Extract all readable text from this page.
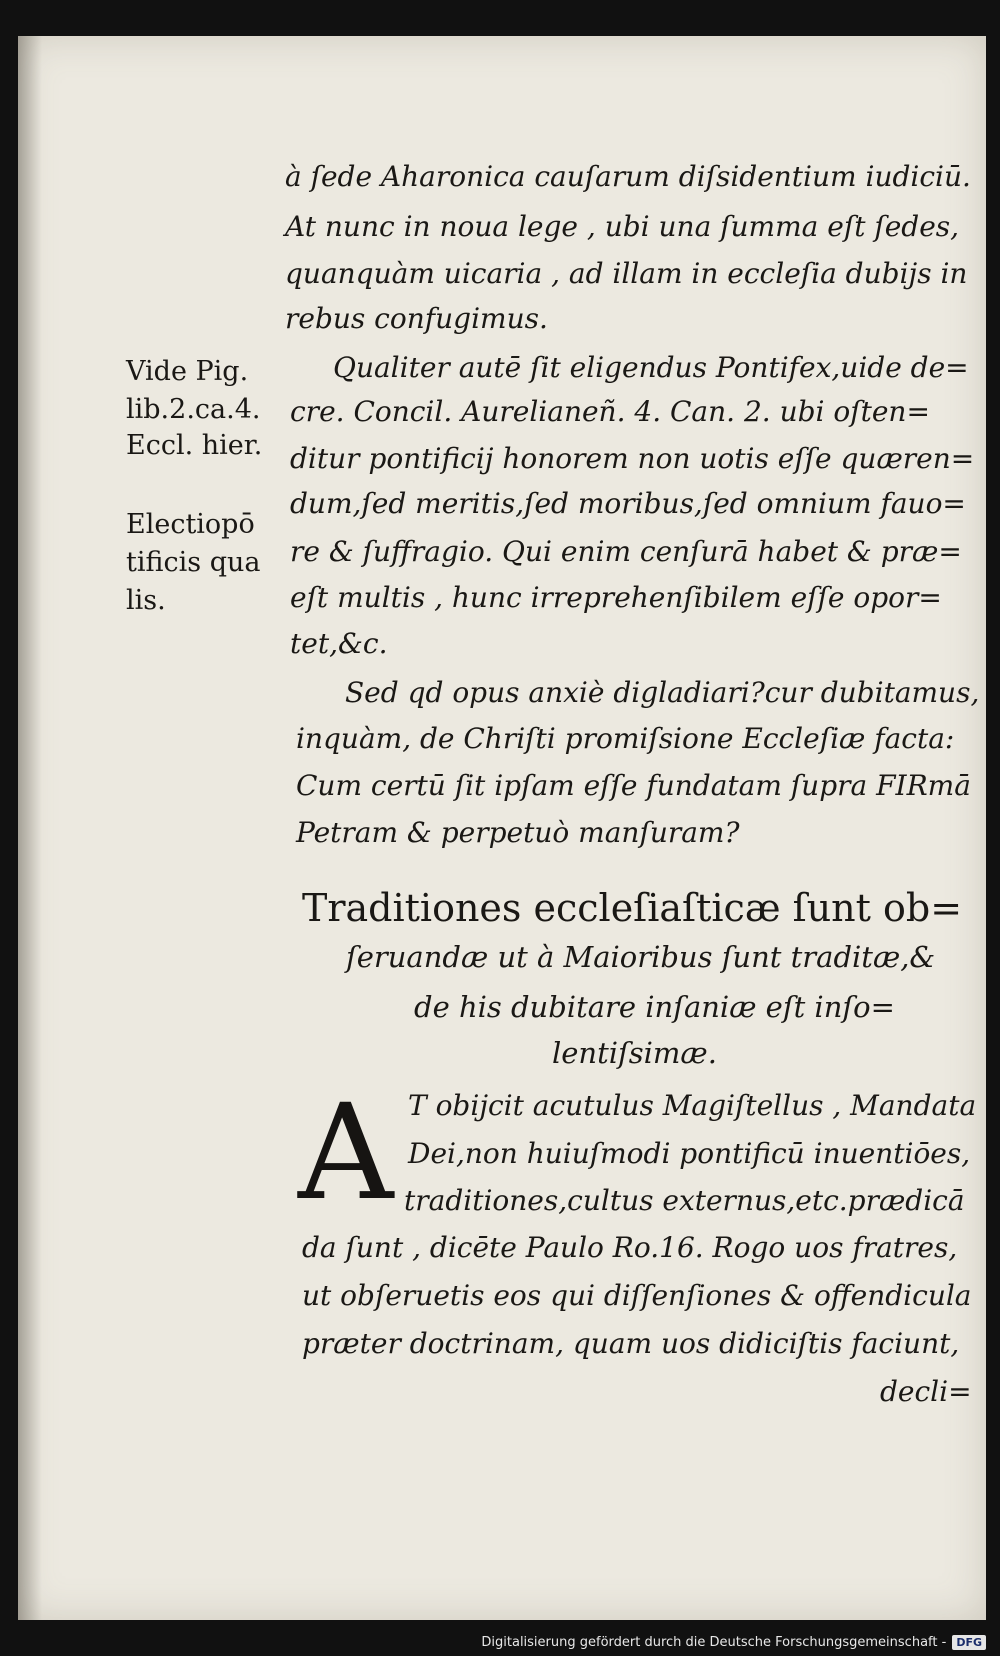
à ſede Aharonica cauſarum diſsidentium iudiciū.
At nunc in noua lege , ubi una ſumma eſt ſedes,
quanquàm uicaria , ad illam in eccleſia dubijs in
rebus confugimus.
Qualiter autē ſit eligendus Pontifex,uide de=
cre. Concil. Aurelianeñ. 4. Can. 2. ubi oſten=
ditur pontificij honorem non uotis eſſe quæren=
dum,ſed meritis,ſed moribus,ſed omnium fauo=
re & ſuffragio. Qui enim cenſurā habet & præ=
eſt multis , hunc irreprehenſibilem eſſe opor=
tet,&c.
Sed qd opus anxiè digladiari?cur dubitamus,
inquàm, de Chriſti promiſsione Eccleſiæ facta:
Cum certū ſit ipſam eſſe fundatam ſupra FIRmā
Petram & perpetuò manſuram?
Vide Pig.
lib.2.ca.4.
Eccl. hier.
Electiopō
tificis qua
lis.
Traditiones eccleſiaſticæ ſunt ob=
ſeruandæ ut à Maioribus ſunt traditæ,&
de his dubitare inſaniæ eſt inſo=
lentiſsimæ.
A T obijcit acutulus Magiſtellus , Mandata
Dei,non huiuſmodi pontificū inuentiōes,
traditiones,cultus externus,etc.prædicā
da ſunt , dicēte Paulo Ro.16. Rogo uos fratres,
ut obſeruetis eos qui diſſenſiones & offendicula
præter doctrinam, quam uos didiciſtis faciunt,
decli=
Digitalisierung gefördert durch die Deutsche Forschungsgemeinschaft - DFG
